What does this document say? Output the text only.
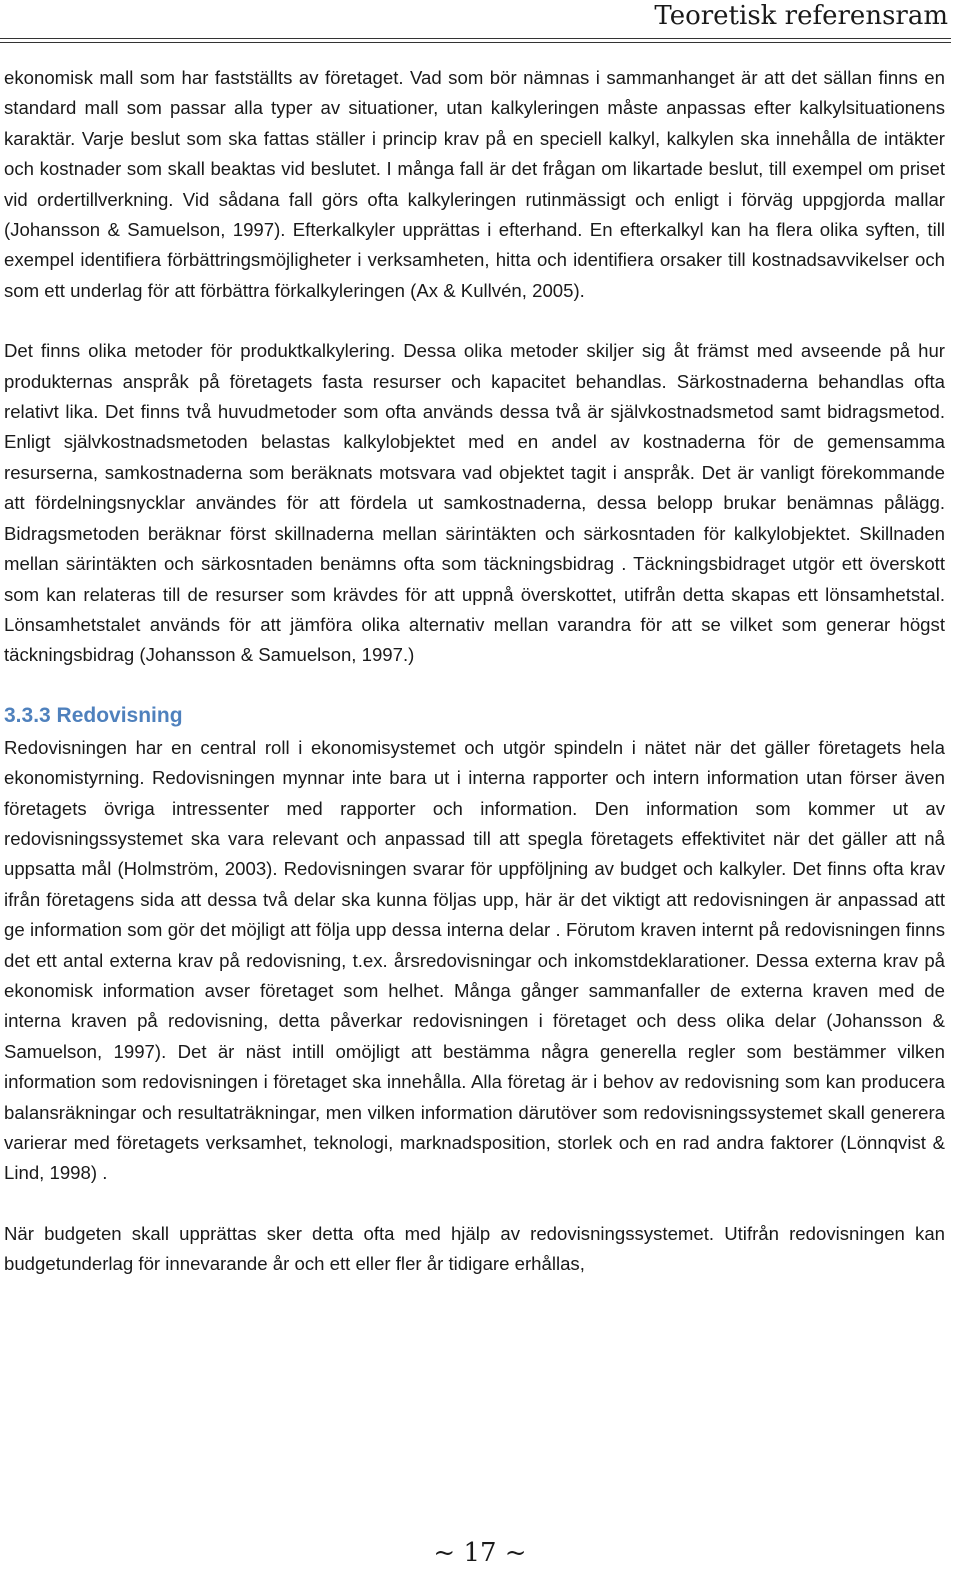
Teoretisk referensram

ekonomisk mall som har fastställts av företaget. Vad som bör nämnas i sammanhanget är att det sällan finns en standard mall som passar alla typer av situationer, utan kalkyleringen måste anpassas efter kalkylsituationens karaktär. Varje beslut som ska fattas ställer i princip krav på en speciell kalkyl, kalkylen ska innehålla de intäkter och kostnader som skall beaktas vid beslutet. I många fall är det frågan om likartade beslut, till exempel om priset vid ordertillverkning. Vid sådana fall görs ofta kalkyleringen rutinmässigt och enligt i förväg uppgjorda mallar (Johansson & Samuelson, 1997). Efterkalkyler upprättas i efterhand. En efterkalkyl kan ha flera olika syften, till exempel identifiera förbättringsmöjligheter i verksamheten, hitta och identifiera orsaker till kostnadsavvikelser och som ett underlag för att förbättra förkalkyleringen (Ax & Kullvén, 2005).

Det finns olika metoder för produktkalkylering. Dessa olika metoder skiljer sig åt främst med avseende på hur produkternas anspråk på företagets fasta resurser och kapacitet behandlas. Särkostnaderna behandlas ofta relativt lika. Det finns två huvudmetoder som ofta används dessa två är självkostnadsmetod samt bidragsmetod. Enligt självkostnadsmetoden belastas kalkylobjektet med en andel av kostnaderna för de gemensamma resurserna, samkostnaderna som beräknats motsvara vad objektet tagit i anspråk. Det är vanligt förekommande att fördelningsnycklar användes för att fördela ut samkostnaderna, dessa belopp brukar benämnas pålägg. Bidragsmetoden beräknar först skillnaderna mellan särintäkten och särkosntaden för kalkylobjektet. Skillnaden mellan särintäkten och särkosntaden benämns ofta som täckningsbidrag . Täckningsbidraget utgör ett överskott som kan relateras till de resurser som krävdes för att uppnå överskottet, utifrån detta skapas ett lönsamhetstal. Lönsamhetstalet används för att jämföra olika alternativ mellan varandra för att se vilket som generar högst täckningsbidrag (Johansson & Samuelson, 1997.)

3.3.3 Redovisning

Redovisningen har en central roll i ekonomisystemet och utgör spindeln i nätet när det gäller företagets hela ekonomistyrning. Redovisningen mynnar inte bara ut i interna rapporter och intern information utan förser även företagets övriga intressenter med rapporter och information. Den information som kommer ut av redovisningssystemet ska vara relevant och anpassad till att spegla företagets effektivitet när det gäller att nå uppsatta mål (Holmström, 2003). Redovisningen svarar för uppföljning av budget och kalkyler. Det finns ofta krav ifrån företagens sida att dessa två delar ska kunna följas upp, här är det viktigt att redovisningen är anpassad att ge information som gör det möjligt att följa upp dessa interna delar . Förutom kraven internt på redovisningen finns det ett antal externa krav på redovisning, t.ex. årsredovisningar och inkomstdeklarationer. Dessa externa krav på ekonomisk information avser företaget som helhet. Många gånger sammanfaller de externa kraven med de interna kraven på redovisning, detta påverkar redovisningen i företaget och dess olika delar (Johansson & Samuelson, 1997). Det är näst intill omöjligt att bestämma några generella regler som bestämmer vilken information som redovisningen i företaget ska innehålla. Alla företag är i behov av redovisning som kan producera balansräkningar och resultaträkningar, men vilken information därutöver som redovisningssystemet skall generera varierar med företagets verksamhet, teknologi, marknadsposition, storlek och en rad andra faktorer (Lönnqvist & Lind, 1998) .

När budgeten skall upprättas sker detta ofta med hjälp av redovisningssystemet. Utifrån redovisningen kan budgetunderlag för innevarande år och ett eller fler år tidigare erhållas,

~ 17 ~
